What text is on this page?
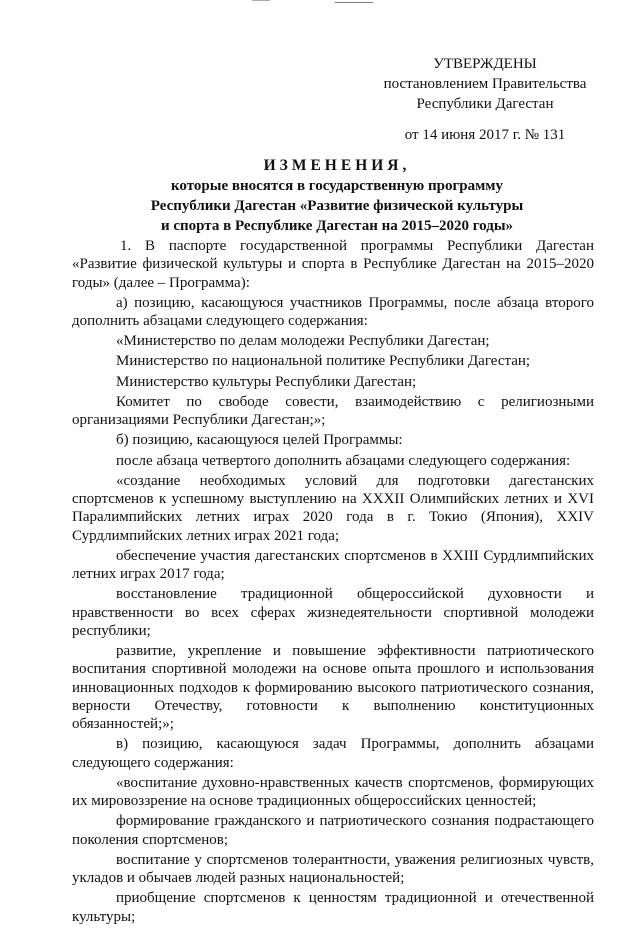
УТВЕРЖДЕНЫ
постановлением Правительства
Республики Дагестан
от 14 июня 2017 г. № 131
ИЗМЕНЕНИЯ,
которые вносятся в государственную программу
Республики Дагестан «Развитие физической культуры
и спорта в Республике Дагестан на 2015–2020 годы»

1. В паспорте государственной программы Республики Дагестан «Развитие физической культуры и спорта в Республике Дагестан на 2015–2020 годы» (далее – Программа):

а) позицию, касающуюся участников Программы, после абзаца второго дополнить абзацами следующего содержания:

«Министерство по делам молодежи Республики Дагестан;

Министерство по национальной политике Республики Дагестан;

Министерство культуры Республики Дагестан;

Комитет по свободе совести, взаимодействию с религиозными организациями Республики Дагестан;»;

б) позицию, касающуюся целей Программы:

после абзаца четвертого дополнить абзацами следующего содержания:

«создание необходимых условий для подготовки дагестанских спортсменов к успешному выступлению на XXXII Олимпийских летних и XVI Паралимпийских летних играх 2020 года в г. Токио (Япония), XXIV Сурдлимпийских летних играх 2021 года;

обеспечение участия дагестанских спортсменов в XXIII Сурдлимпийских летних играх 2017 года;

восстановление традиционной общероссийской духовности и нравственности во всех сферах жизнедеятельности спортивной молодежи республики;

развитие, укрепление и повышение эффективности патриотического воспитания спортивной молодежи на основе опыта прошлого и использования инновационных подходов к формированию высокого патриотического сознания, верности Отечеству, готовности к выполнению конституционных обязанностей;»;

в) позицию, касающуюся задач Программы, дополнить абзацами следующего содержания:

«воспитание духовно-нравственных качеств спортсменов, формирующих их мировоззрение на основе традиционных общероссийских ценностей;

формирование гражданского и патриотического сознания подрастающего поколения спортсменов;

воспитание у спортсменов толерантности, уважения религиозных чувств, укладов и обычаев людей разных национальностей;

приобщение спортсменов к ценностям традиционной и отечественной культуры;
